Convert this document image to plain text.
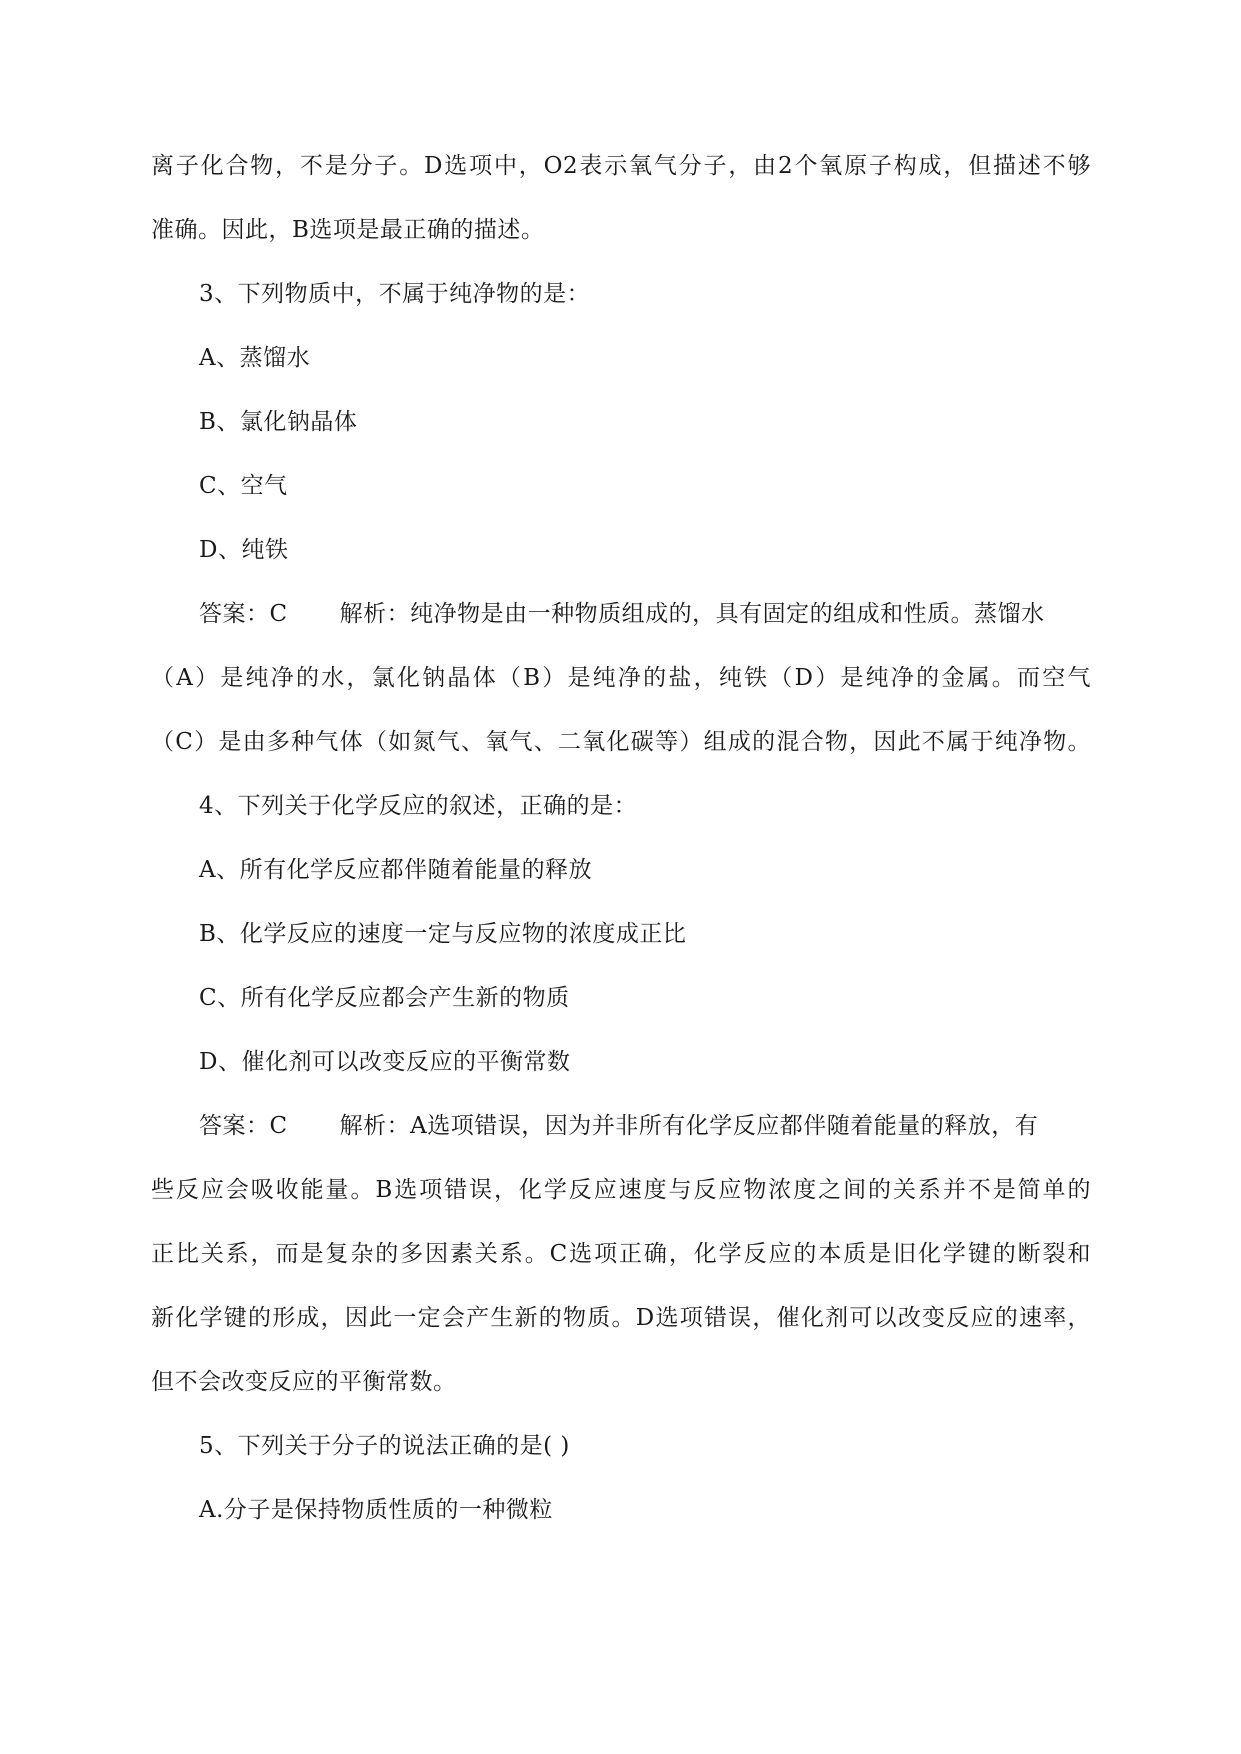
离子化合物，不是分子。D选项中，O2表示氧气分子，由2个氧原子构成，但描述不够
准确。因此，B选项是最正确的描述。
3、下列物质中，不属于纯净物的是：
A、蒸馏水
B、氯化钠晶体
C、空气
D、纯铁
答案：C 解析：纯净物是由一种物质组成的，具有固定的组成和性质。蒸馏水
（A）是纯净的水，氯化钠晶体（B）是纯净的盐，纯铁（D）是纯净的金属。而空气
（C）是由多种气体（如氮气、氧气、二氧化碳等）组成的混合物，因此不属于纯净物。
4、下列关于化学反应的叙述，正确的是：
A、所有化学反应都伴随着能量的释放
B、化学反应的速度一定与反应物的浓度成正比
C、所有化学反应都会产生新的物质
D、催化剂可以改变反应的平衡常数
答案：C 解析：A选项错误，因为并非所有化学反应都伴随着能量的释放，有
些反应会吸收能量。B选项错误，化学反应速度与反应物浓度之间的关系并不是简单的
正比关系，而是复杂的多因素关系。C选项正确，化学反应的本质是旧化学键的断裂和
新化学键的形成，因此一定会产生新的物质。D选项错误，催化剂可以改变反应的速率，
但不会改变反应的平衡常数。
5、下列关于分子的说法正确的是( )
A.分子是保持物质性质的一种微粒
